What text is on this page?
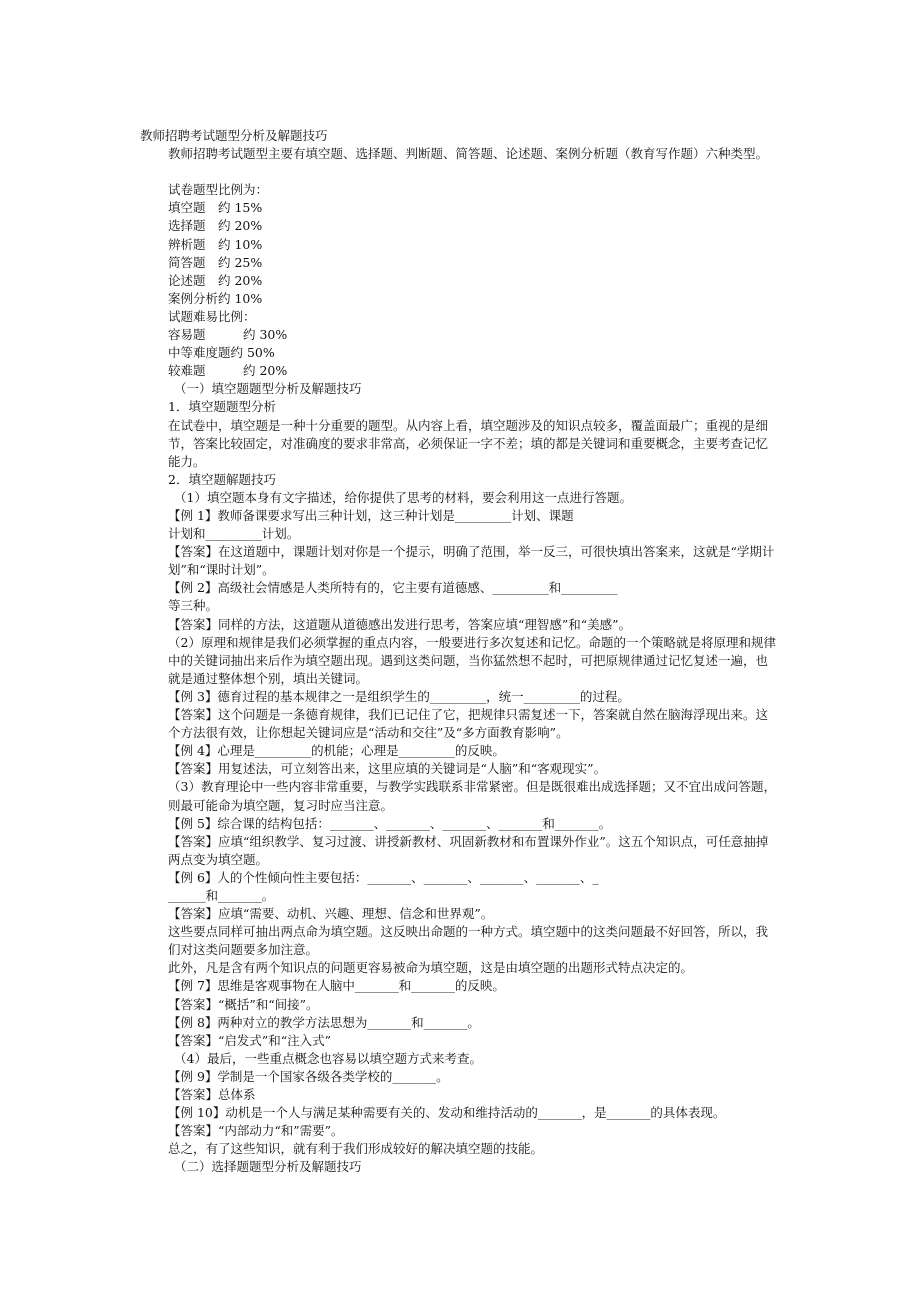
教师招聘考试题型分析及解题技巧
教师招聘考试题型主要有填空题、选择题、判断题、简答题、论述题、案例分析题（教育写作题）六种类型。
试卷题型比例为：
填空题　约 15%
选择题　约 20%
辨析题　约 10%
简答题　约 25%
论述题　约 20%
案例分析约 10%
试题难易比例：
容易题　　　约 30%
中等难度题约 50%
较难题　　　约 20%
（一）填空题题型分析及解题技巧
1．填空题题型分析
在试卷中，填空题是一种十分重要的题型。从内容上看，填空题涉及的知识点较多，覆盖面最广；重视的是细节，答案比较固定，对准确度的要求非常高，必须保证一字不差；填的都是关键词和重要概念，主要考查记忆能力。
2．填空题解题技巧
（1）填空题本身有文字描述，给你提供了思考的材料，要会利用这一点进行答题。
【例 1】教师备课要求写出三种计划，这三种计划是_________计划、课题
计划和_________计划。
【答案】在这道题中，课题计划对你是一个提示，明确了范围，举一反三，可很快填出答案来，这就是“学期计划”和“课时计划”。
【例 2】高级社会情感是人类所特有的，它主要有道德感、_________和_________
等三种。
【答案】同样的方法，这道题从道德感出发进行思考，答案应填“理智感”和“美感”。
（2）原理和规律是我们必须掌握的重点内容，一般要进行多次复述和记忆。命题的一个策略就是将原理和规律中的关键词抽出来后作为填空题出现。遇到这类问题，当你猛然想不起时，可把原规律通过记忆复述一遍，也就是通过整体想个别，填出关键词。
【例 3】德育过程的基本规律之一是组织学生的_________，统一_________的过程。
【答案】这个问题是一条德育规律，我们已记住了它，把规律只需复述一下，答案就自然在脑海浮现出来。这个方法很有效，让你想起关键词应是“活动和交往”及“多方面教育影响”。
【例 4】心理是_________的机能；心理是_________的反映。
【答案】用复述法，可立刻答出来，这里应填的关键词是“人脑”和“客观现实”。
（3）教育理论中一些内容非常重要，与教学实践联系非常紧密。但是既很难出成选择题；又不宜出成问答题，则最可能命为填空题，复习时应当注意。
【例 5】综合课的结构包括：_______、_______、_______、_______和_______。
【答案】应填“组织教学、复习过渡、讲授新教材、巩固新教材和布置课外作业”。这五个知识点，可任意抽掉两点变为填空题。
【例 6】人的个性倾向性主要包括：_______、_______、_______、_______、_
______和_______。
【答案】应填“需要、动机、兴趣、理想、信念和世界观”。
这些要点同样可抽出两点命为填空题。这反映出命题的一种方式。填空题中的这类问题最不好回答，所以，我们对这类问题要多加注意。
此外，凡是含有两个知识点的问题更容易被命为填空题，这是由填空题的出题形式特点决定的。
【例 7】思维是客观事物在人脑中_______和_______的反映。
【答案】“概括”和“间接”。
【例 8】两种对立的教学方法思想为_______和_______。
【答案】“启发式”和“注入式”
（4）最后，一些重点概念也容易以填空题方式来考查。
【例 9】学制是一个国家各级各类学校的_______。
【答案】总体系
【例 10】动机是一个人与满足某种需要有关的、发动和维持活动的_______，是_______的具体表现。
【答案】“内部动力“和”需要”。
总之，有了这些知识，就有利于我们形成较好的解决填空题的技能。
（二）选择题题型分析及解题技巧
